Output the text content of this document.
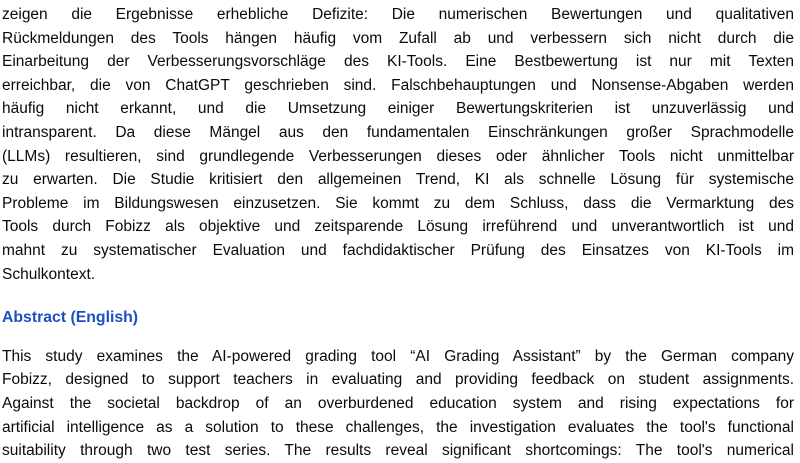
zeigen die Ergebnisse erhebliche Defizite: Die numerischen Bewertungen und qualitativen
Rückmeldungen des Tools hängen häufig vom Zufall ab und verbessern sich nicht durch die
Einarbeitung der Verbesserungsvorschläge des KI-Tools. Eine Bestbewertung ist nur mit Texten
erreichbar, die von ChatGPT geschrieben sind. Falschbehauptungen und Nonsense-Abgaben werden
häufig nicht erkannt, und die Umsetzung einiger Bewertungskriterien ist unzuverlässig und
intransparent. Da diese Mängel aus den fundamentalen Einschränkungen großer Sprachmodelle
(LLMs) resultieren, sind grundlegende Verbesserungen dieses oder ähnlicher Tools nicht unmittelbar
zu erwarten. Die Studie kritisiert den allgemeinen Trend, KI als schnelle Lösung für systemische
Probleme im Bildungswesen einzusetzen. Sie kommt zu dem Schluss, dass die Vermarktung des
Tools durch Fobizz als objektive und zeitsparende Lösung irreführend und unverantwortlich ist und
mahnt zu systematischer Evaluation und fachdidaktischer Prüfung des Einsatzes von KI-Tools im
Schulkontext.
Abstract (English)
This study examines the AI-powered grading tool “AI Grading Assistant” by the German company
Fobizz, designed to support teachers in evaluating and providing feedback on student assignments.
Against the societal backdrop of an overburdened education system and rising expectations for
artificial intelligence as a solution to these challenges, the investigation evaluates the tool's functional
suitability through two test series. The results reveal significant shortcomings: The tool's numerical
